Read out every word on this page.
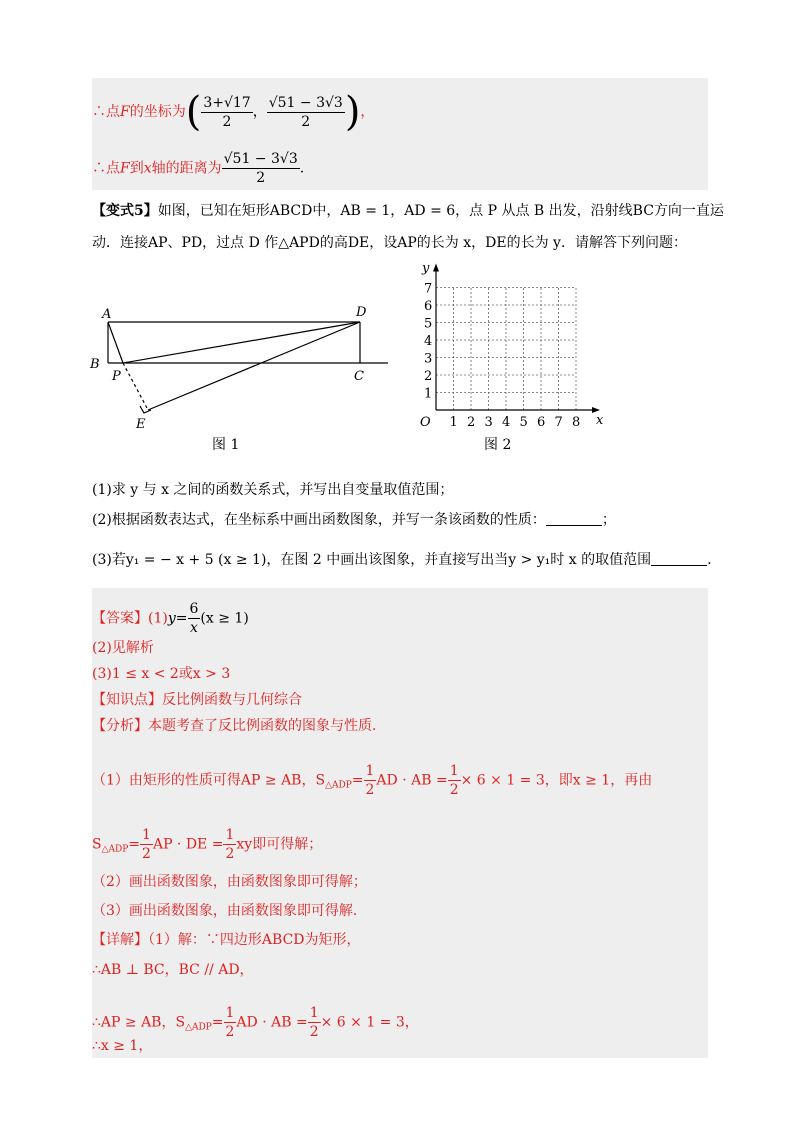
∴点F的坐标为( $\frac{3+√17}{2}$ ， $\frac{√51 - 3√3}{2}$ )，
∴点F到x轴的距离为 $\frac{√51 - 3√3}{2}$ .
【变式5】如图，已知在矩形ABCD中，AB = 1，AD = 6，点 P 从点 B 出发，沿射线BC方向一直运
动．连接AP、PD，过点 D 作△APD的高DE，设AP的长为 x，DE的长为 y．请解答下列问题：
A
B
D
C
P
E
图 1
1 2 3 4 5 6 7 8
1
2
3
4
5
6
7
O	x
y
图 2
(1)求 y 与 x 之间的函数关系式，并写出自变量取值范围；
(2)根据函数表达式，在坐标系中画出函数图象，并写一条该函数的性质：	；
(3)若y₁ = − x + 5 (x ≥ 1)，在图 2 中画出该图象，并直接写出当y > y₁时 x 的取值范围	.
【答案】$(1)y= \frac{6}{x} (x \ge 1)$
(2)见解析
(3)1 ≤ x < 2或x > 3
【知识点】反比例函数与几何综合
【分析】本题考查了反比例函数的图象与性质．
（1）由矩形的性质可得AP ≥ AB，$S_{\triangle ADP}= \frac{1}{2}$ AD · AB = $\frac{1}{2} \times 6 \times 1 = 3$，即x ≥ 1，再由
$S_{\triangle ADP}= \frac{1}{2}$ AP · DE = $\frac{1}{2}$ xy即可得解；
（2）画出函数图象，由函数图象即可得解；
（3）画出函数图象，由函数图象即可得解．
【详解】（1）解：∵四边形ABCD为矩形，
∴AB ⊥ BC，BC // AD，
∴AP ≥ AB，$S_{\triangle ADP}= \frac{1}{2}$ AD · AB = $\frac{1}{2} \times 6 \times 1 = 3$，
∴x ≥ 1，
